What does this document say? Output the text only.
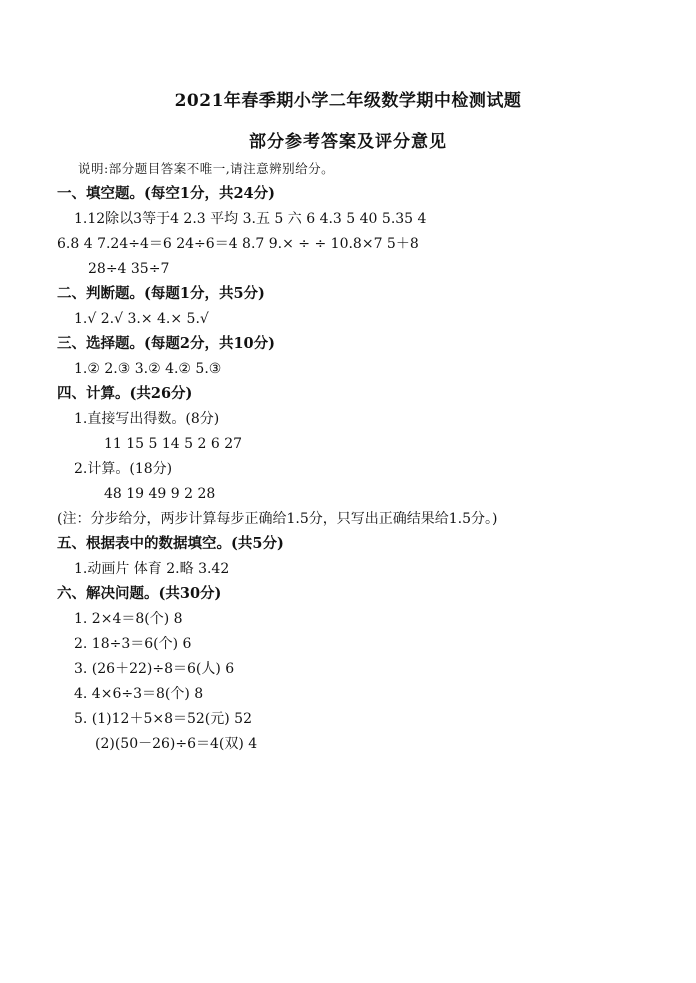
2021年春季期小学二年级数学期中检测试题
部分参考答案及评分意见
说明:部分题目答案不唯一,请注意辨别给分。
一、填空题。(每空1分，共24分)
1.12除以3等于4 2.3 平均 3.五 5 六 6 4.3 5 40 5.35 4
6.8 4 7.24÷4＝6 24÷6＝4 8.7 9.× ÷ ÷ 10.8×7 5＋8
28÷4 35÷7
二、判断题。(每题1分，共5分)
1.√ 2.√ 3.× 4.× 5.√
三、选择题。(每题2分，共10分)
1.② 2.③ 3.② 4.② 5.③
四、计算。(共26分)
1.直接写出得数。(8分)
11 15 5 14 5 2 6 27
2.计算。(18分)
48 19 49 9 2 28
(注：分步给分，两步计算每步正确给1.5分，只写出正确结果给1.5分。)
五、根据表中的数据填空。(共5分)
1.动画片 体育 2.略 3.42
六、解决问题。(共30分)
1. 2×4＝8(个) 8
2. 18÷3＝6(个) 6
3. (26＋22)÷8＝6(人) 6
4. 4×6÷3＝8(个) 8
5. (1)12＋5×8＝52(元) 52
(2)(50－26)÷6＝4(双) 4
